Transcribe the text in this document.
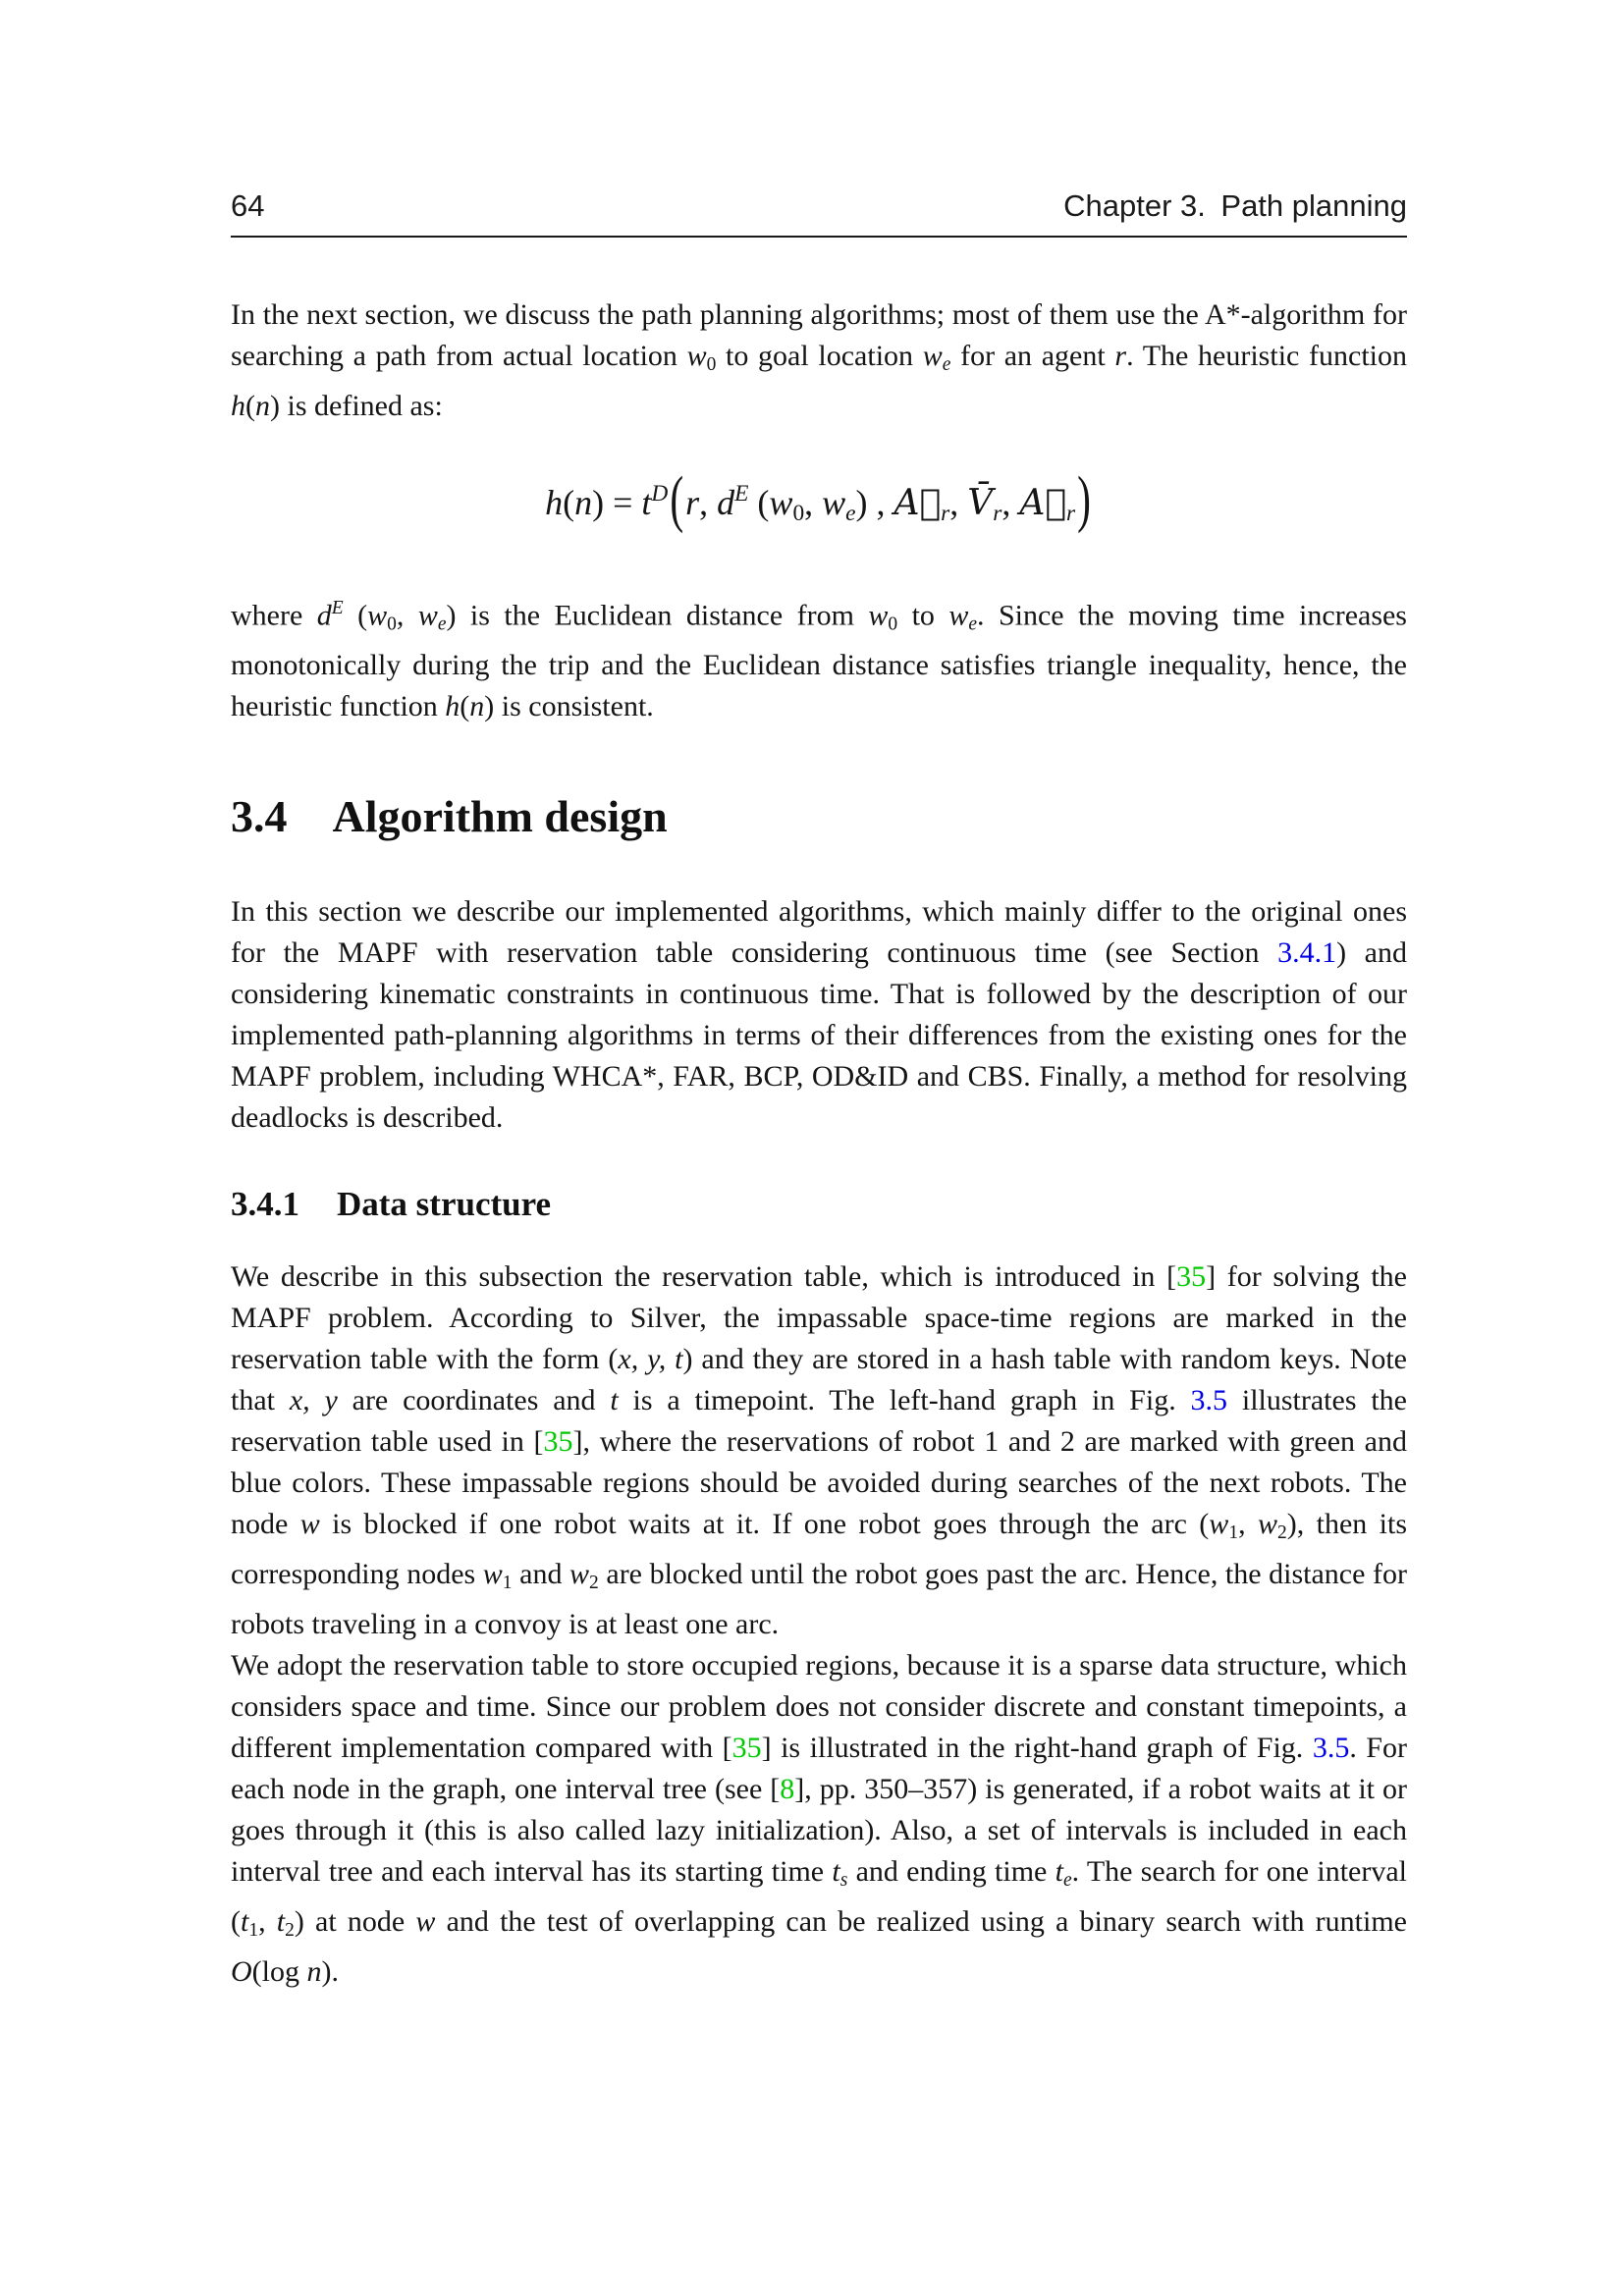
64	Chapter 3. Path planning

In the next section, we discuss the path planning algorithms; most of them use the A*-algorithm for searching a path from actual location w0 to goal location we for an agent r. The heuristic function h(n) is defined as:

$h(n) = t^D(r$, $d^E$ (w0, we) , A⃗r, V̄r, A⃖r)

where $d^E$ (w0, we) is the Euclidean distance from w0 to we. Since the moving time increases monotonically during the trip and the Euclidean distance satisfies triangle inequality, hence, the heuristic function h(n) is consistent.

3.4 Algorithm design

In this section we describe our implemented algorithms, which mainly differ to the original ones for the MAPF with reservation table considering continuous time (see Section 3.4.1) and considering kinematic constraints in continuous time. That is followed by the description of our implemented path-planning algorithms in terms of their differences from the existing ones for the MAPF problem, including WHCA*, FAR, BCP, OD&ID and CBS. Finally, a method for resolving deadlocks is described.

3.4.1 Data structure

We describe in this subsection the reservation table, which is introduced in [35] for solving the MAPF problem. According to Silver, the impassable space-time regions are marked in the reservation table with the form (x, y, t) and they are stored in a hash table with random keys. Note that x, y are coordinates and t is a timepoint. The left-hand graph in Fig. 3.5 illustrates the reservation table used in [35], where the reservations of robot 1 and 2 are marked with green and blue colors. These impassable regions should be avoided during searches of the next robots. The node w is blocked if one robot waits at it. If one robot goes through the arc (w1, w2), then its corresponding nodes w1 and w2 are blocked until the robot goes past the arc. Hence, the distance for robots traveling in a convoy is at least one arc.

We adopt the reservation table to store occupied regions, because it is a sparse data structure, which considers space and time. Since our problem does not consider discrete and constant timepoints, a different implementation compared with [35] is illustrated in the right-hand graph of Fig. 3.5. For each node in the graph, one interval tree (see [8], pp. 350–357) is generated, if a robot waits at it or goes through it (this is also called lazy initialization). Also, a set of intervals is included in each interval tree and each interval has its starting time ts and ending time te. The search for one interval (t1, t2) at node w and the test of overlapping can be realized using a binary search with runtime O(log n).
